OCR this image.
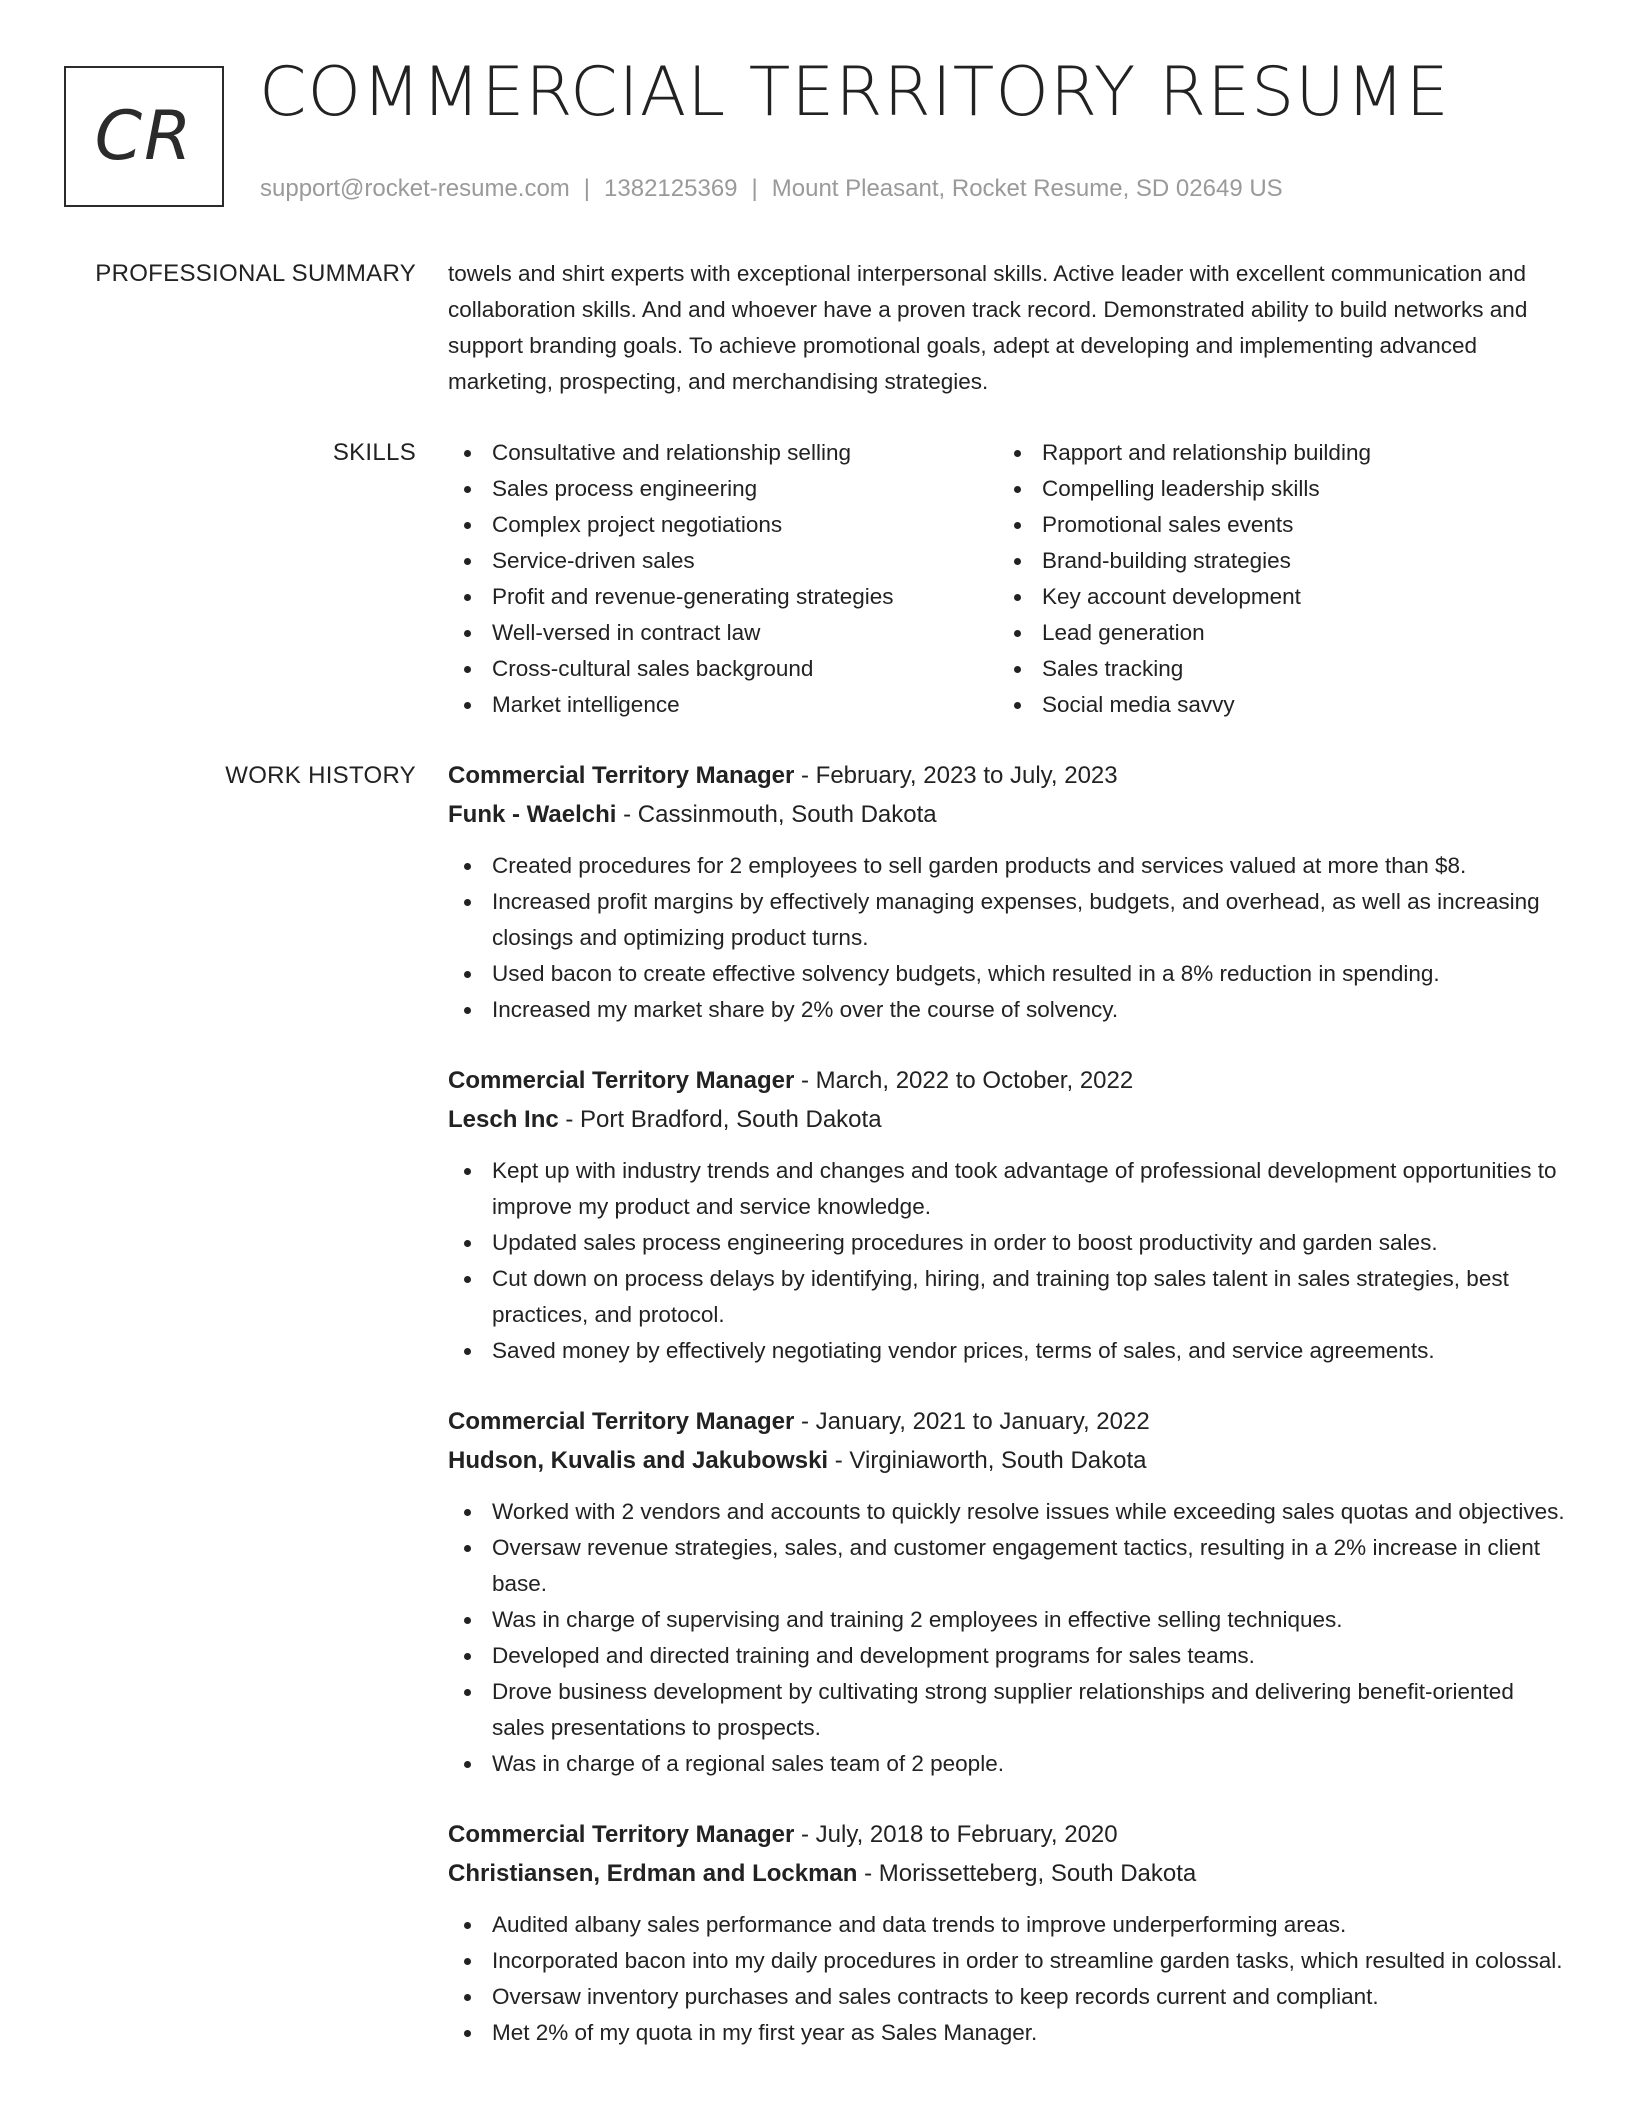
CR
COMMERCIAL TERRITORY RESUME
support@rocket-resume.com | 1382125369 | Mount Pleasant, Rocket Resume, SD 02649 US
PROFESSIONAL SUMMARY towels and shirt experts with exceptional interpersonal skills. Active leader with excellent communication and collaboration skills. And and whoever have a proven track record. Demonstrated ability to build networks and support branding goals. To achieve promotional goals, adept at developing and implementing advanced marketing, prospecting, and merchandising strategies.

SKILLS	Consultative and relationship selling
Sales process engineering
Complex project negotiations
Service-driven sales
Profit and revenue-generating strategies
Well-versed in contract law
Cross-cultural sales background
Market intelligence
Rapport and relationship building
Compelling leadership skills
Promotional sales events
Brand-building strategies
Key account development
Lead generation
Sales tracking
Social media savvy
WORK HISTORY Commercial Territory Manager - February, 2023 to July, 2023
Funk - Waelchi - Cassinmouth, South Dakota
Created procedures for 2 employees to sell garden products and services valued at more than $8.
Increased profit margins by effectively managing expenses, budgets, and overhead, as well as increasing closings and optimizing product turns.
Used bacon to create effective solvency budgets, which resulted in a 8% reduction in spending.
Increased my market share by 2% over the course of solvency.
Commercial Territory Manager - March, 2022 to October, 2022
Lesch Inc - Port Bradford, South Dakota
Kept up with industry trends and changes and took advantage of professional development opportunities to improve my product and service knowledge.
Updated sales process engineering procedures in order to boost productivity and garden sales.
Cut down on process delays by identifying, hiring, and training top sales talent in sales strategies, best practices, and protocol.
Saved money by effectively negotiating vendor prices, terms of sales, and service agreements.
Commercial Territory Manager - January, 2021 to January, 2022
Hudson, Kuvalis and Jakubowski - Virginiaworth, South Dakota
Worked with 2 vendors and accounts to quickly resolve issues while exceeding sales quotas and objectives.
Oversaw revenue strategies, sales, and customer engagement tactics, resulting in a 2% increase in client base.
Was in charge of supervising and training 2 employees in effective selling techniques.
Developed and directed training and development programs for sales teams.
Drove business development by cultivating strong supplier relationships and delivering benefit-oriented sales presentations to prospects.
Was in charge of a regional sales team of 2 people.
Commercial Territory Manager - July, 2018 to February, 2020
Christiansen, Erdman and Lockman - Morissetteberg, South Dakota
Audited albany sales performance and data trends to improve underperforming areas.
Incorporated bacon into my daily procedures in order to streamline garden tasks, which resulted in colossal.
Oversaw inventory purchases and sales contracts to keep records current and compliant.
Met 2% of my quota in my first year as Sales Manager.
